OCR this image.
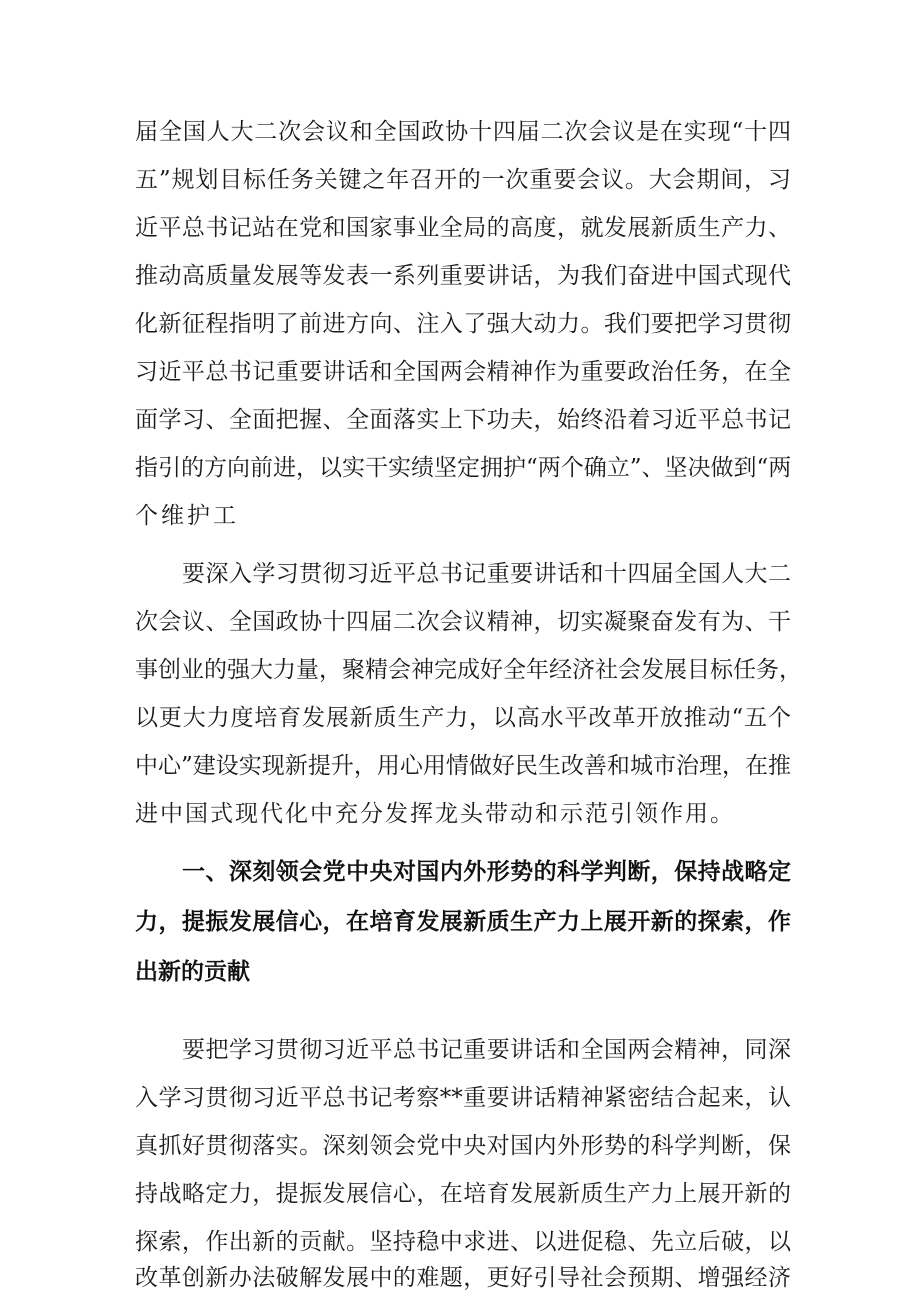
届全国人大二次会议和全国政协十四届二次会议是在实现“十四

五”规划目标任务关键之年召开的一次重要会议。大会期间，习

近平总书记站在党和国家事业全局的高度，就发展新质生产力、

推动高质量发展等发表一系列重要讲话，为我们奋进中国式现代

化新征程指明了前进方向、注入了强大动力。我们要把学习贯彻

习近平总书记重要讲话和全国两会精神作为重要政治任务，在全

面学习、全面把握、全面落实上下功夫，始终沿着习近平总书记

指引的方向前进，以实干实绩坚定拥护“两个确立”、坚决做到“两

个维护工

要深入学习贯彻习近平总书记重要讲话和十四届全国人大二

次会议、全国政协十四届二次会议精神，切实凝聚奋发有为、干

事创业的强大力量，聚精会神完成好全年经济社会发展目标任务，

以更大力度培育发展新质生产力，以高水平改革开放推动“五个

中心”建设实现新提升，用心用情做好民生改善和城市治理，在推

进中国式现代化中充分发挥龙头带动和示范引领作用。

一、深刻领会党中央对国内外形势的科学判断，保持战略定

力，提振发展信心，在培育发展新质生产力上展开新的探索，作

出新的贡献

要把学习贯彻习近平总书记重要讲话和全国两会精神，同深

入学习贯彻习近平总书记考察**重要讲话精神紧密结合起来，认

真抓好贯彻落实。深刻领会党中央对国内外形势的科学判断，保

持战略定力，提振发展信心，在培育发展新质生产力上展开新的

探索，作出新的贡献。坚持稳中求进、以进促稳、先立后破，以

改革创新办法破解发展中的难题，更好引导社会预期、增强经济
